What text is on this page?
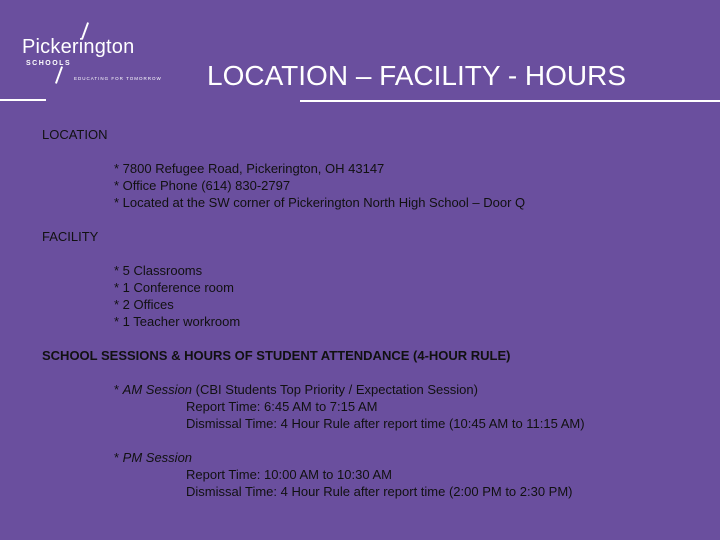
Pickerington
SCHOOLS
EDUCATING FOR TOMORROW LOCATION – FACILITY - HOURS
LOCATION
* 7800 Refugee Road, Pickerington, OH 43147
* Office Phone (614) 830-2797
* Located at the SW corner of Pickerington North High School – Door Q
FACILITY
* 5 Classrooms
* 1 Conference room
* 2 Offices
* 1 Teacher workroom
SCHOOL SESSIONS & HOURS OF STUDENT ATTENDANCE (4-HOUR RULE)
* AM Session (CBI Students Top Priority / Expectation Session)
Report Time: 6:45 AM to 7:15 AM
Dismissal Time: 4 Hour Rule after report time (10:45 AM to 11:15 AM)
* PM Session
Report Time: 10:00 AM to 10:30 AM
Dismissal Time: 4 Hour Rule after report time (2:00 PM to 2:30 PM)
